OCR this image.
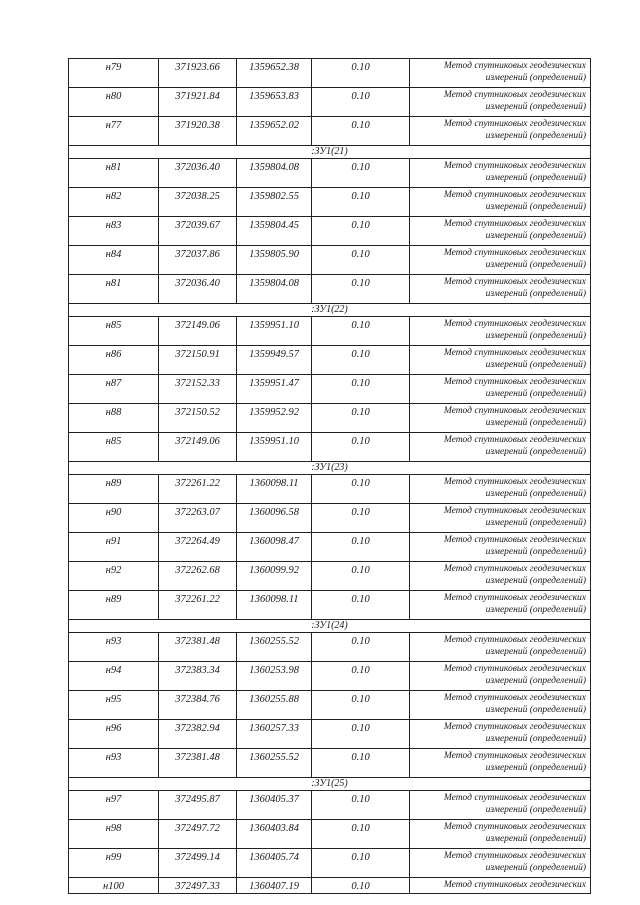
н79	371923.66	1359652.38	0.10	Метод спутниковых геодезических
измерений (определений)

н80	371921.84	1359653.83	0.10	Метод спутниковых геодезических
измерений (определений)

н77	371920.38	1359652.02	0.10	Метод спутниковых геодезических
измерений (определений)

:ЗУ1(21)				
н81	372036.40	1359804.08	0.10	Метод спутниковых геодезических
измерений (определений)

н82	372038.25	1359802.55	0.10	Метод спутниковых геодезических
измерений (определений)

н83	372039.67	1359804.45	0.10	Метод спутниковых геодезических
измерений (определений)

н84	372037.86	1359805.90	0.10	Метод спутниковых геодезических
измерений (определений)

н81	372036.40	1359804.08	0.10	Метод спутниковых геодезических
измерений (определений)

:ЗУ1(22)				
н85	372149.06	1359951.10	0.10	Метод спутниковых геодезических
измерений (определений)

н86	372150.91	1359949.57	0.10	Метод спутниковых геодезических
измерений (определений)

н87	372152.33	1359951.47	0.10	Метод спутниковых геодезических
измерений (определений)

н88	372150.52	1359952.92	0.10	Метод спутниковых геодезических
измерений (определений)

н85	372149.06	1359951.10	0.10	Метод спутниковых геодезических
измерений (определений)

:ЗУ1(23)				
н89	372261.22	1360098.11	0.10	Метод спутниковых геодезических
измерений (определений)

н90	372263.07	1360096.58	0.10	Метод спутниковых геодезических
измерений (определений)

н91	372264.49	1360098.47	0.10	Метод спутниковых геодезических
измерений (определений)

н92	372262.68	1360099.92	0.10	Метод спутниковых геодезических
измерений (определений)

н89	372261.22	1360098.11	0.10	Метод спутниковых геодезических
измерений (определений)

:ЗУ1(24)				
н93	372381.48	1360255.52	0.10	Метод спутниковых геодезических
измерений (определений)

н94	372383.34	1360253.98	0.10	Метод спутниковых геодезических
измерений (определений)

н95	372384.76	1360255.88	0.10	Метод спутниковых геодезических
измерений (определений)

н96	372382.94	1360257.33	0.10	Метод спутниковых геодезических
измерений (определений)

н93	372381.48	1360255.52	0.10	Метод спутниковых геодезических
измерений (определений)

:ЗУ1(25)				
н97	372495.87	1360405.37	0.10	Метод спутниковых геодезических
измерений (определений)

н98	372497.72	1360403.84	0.10	Метод спутниковых геодезических
измерений (определений)

н99	372499.14	1360405.74	0.10	Метод спутниковых геодезических
измерений (определений)

н100	372497.33	1360407.19	0.10	Метод спутниковых геодезических
